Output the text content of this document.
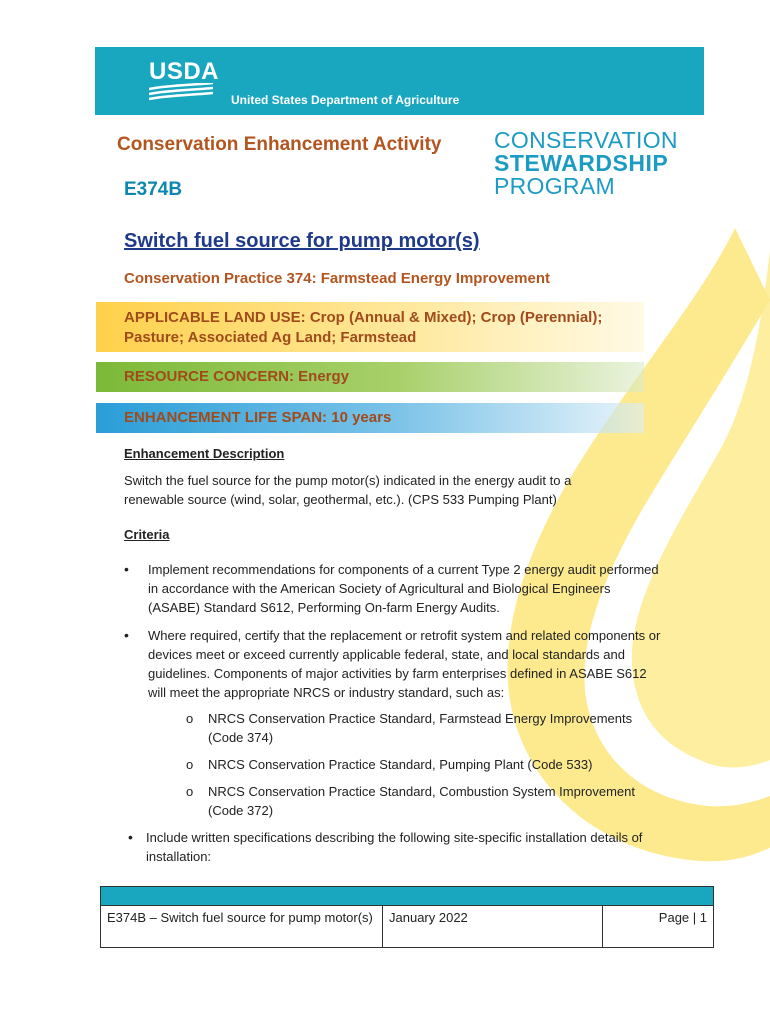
USDA
United States Department of Agriculture
Conservation Enhancement Activity
E374B
CONSERVATION
STEWARDSHIP
PROGRAM
Switch fuel source for pump motor(s)
Conservation Practice 374: Farmstead Energy Improvement
APPLICABLE LAND USE: Crop (Annual & Mixed); Crop (Perennial);
Pasture; Associated Ag Land; Farmstead
RESOURCE CONCERN: Energy
ENHANCEMENT LIFE SPAN: 10 years
Enhancement Description
Switch the fuel source for the pump motor(s) indicated in the energy audit to a renewable source (wind, solar, geothermal, etc.). (CPS 533 Pumping Plant)
Criteria
• Implement recommendations for components of a current Type 2 energy audit performed in accordance with the American Society of Agricultural and Biological Engineers (ASABE) Standard S612, Performing On-farm Energy Audits.
• Where required, certify that the replacement or retrofit system and related components or devices meet or exceed currently applicable federal, state, and local standards and guidelines. Components of major activities by farm enterprises defined in ASABE S612 will meet the appropriate NRCS or industry standard, such as:
o NRCS Conservation Practice Standard, Farmstead Energy Improvements (Code 374)
o NRCS Conservation Practice Standard, Pumping Plant (Code 533)
o NRCS Conservation Practice Standard, Combustion System Improvement (Code 372)
• Include written specifications describing the following site-specific installation details of installation:
E374B – Switch fuel source for pump motor(s)	January 2022	Page | 1
